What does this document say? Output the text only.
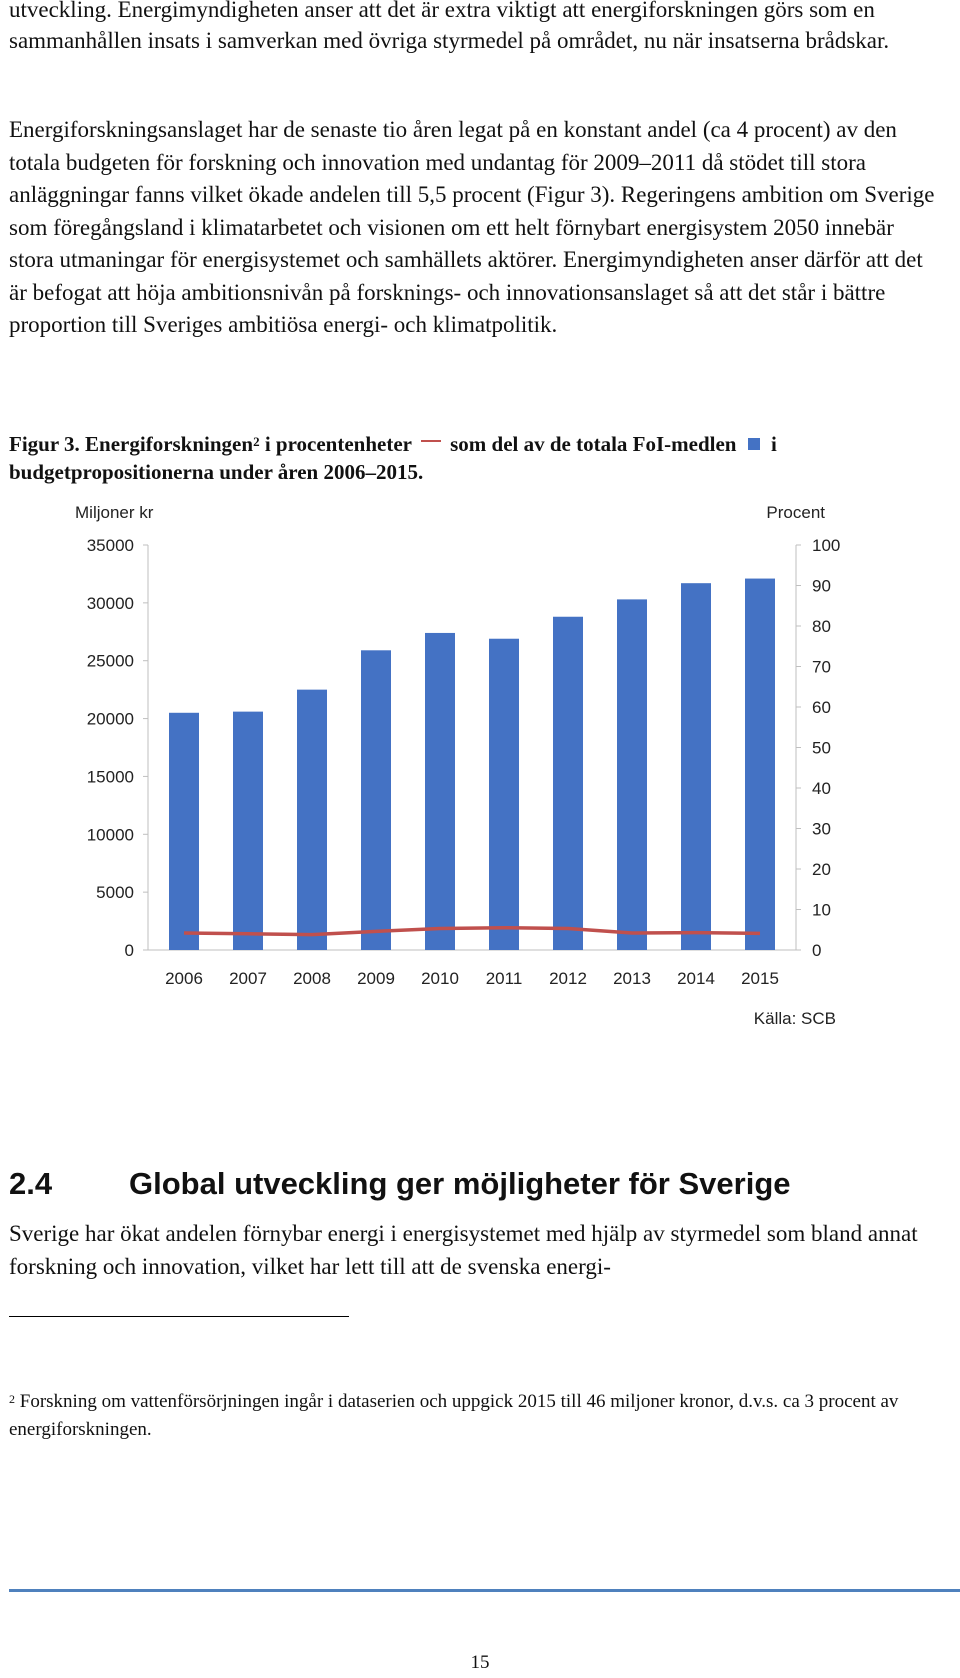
utveckling. Energimyndigheten anser att det är extra viktigt att energiforskningen görs som en sammanhållen insats i samverkan med övriga styrmedel på området, nu när insatserna brådskar.
Energiforskningsanslaget har de senaste tio åren legat på en konstant andel (ca 4 procent) av den totala budgeten för forskning och innovation med undantag för 2009–2011 då stödet till stora anläggningar fanns vilket ökade andelen till 5,5 procent (Figur 3). Regeringens ambition om Sverige som föregångsland i klimatarbetet och visionen om ett helt förnybart energisystem 2050 innebär stora utmaningar för energisystemet och samhällets aktörer. Energimyndigheten anser därför att det är befogat att höja ambitionsnivån på forsknings- och innovationsanslaget så att det står i bättre proportion till Sveriges ambitiösa energi- och klimatpolitik.
Figur 3. Energiforskningen$^2$ i procentenheter som del av de totala FoI-medlen i budgetpropositionerna under åren 2006–2015.
0
5000
10000
15000
20000
25000
30000
35000
0
10
20
30
40
50
60
70
80
90
100
Miljoner kr	Procent
2006 2007 2008 2009 2010 2011 2012 2013 2014 2015
Källa: SCB
2.4 Global utveckling ger möjligheter för Sverige
Sverige har ökat andelen förnybar energi i energisystemet med hjälp av styrmedel som bland annat forskning och innovation, vilket har lett till att de svenska energi-
$^2$ Forskning om vattenförsörjningen ingår i dataserien och uppgick 2015 till 46 miljoner kronor, d.v.s. ca 3 procent av energiforskningen.
15
